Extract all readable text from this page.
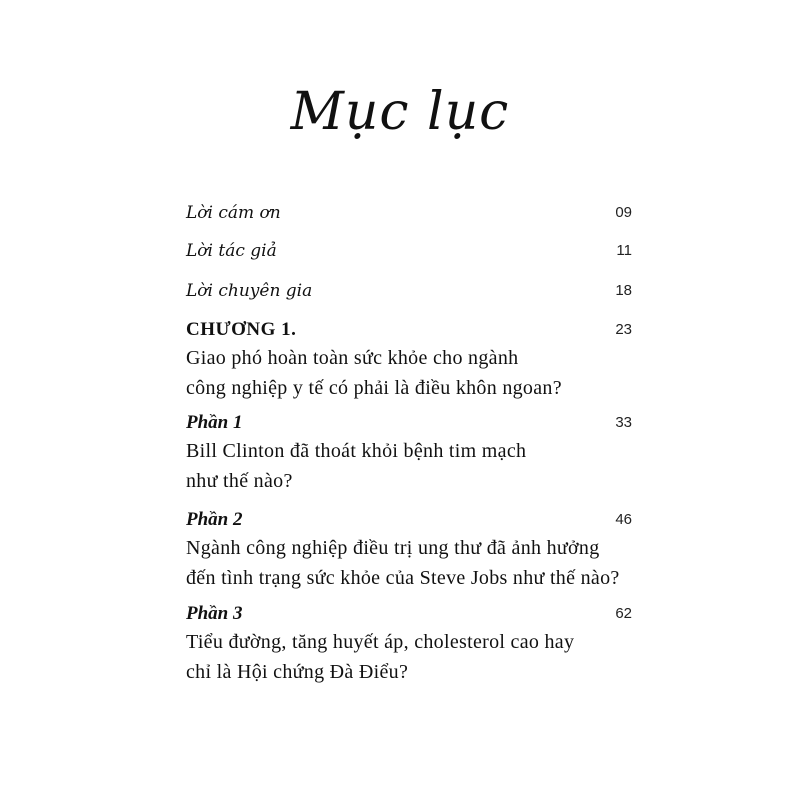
Mục lục
Lời cám ơn	09
Lời tác giả	11
Lời chuyên gia	18
CHƯƠNG 1.	23
Giao phó hoàn toàn sức khỏe cho ngành
công nghiệp y tế có phải là điều khôn ngoan?
Phần 1	33
Bill Clinton đã thoát khỏi bệnh tim mạch
như thế nào?
Phần 2	46
Ngành công nghiệp điều trị ung thư đã ảnh hưởng
đến tình trạng sức khỏe của Steve Jobs như thế nào?
Phần 3	62
Tiểu đường, tăng huyết áp, cholesterol cao hay
chỉ là Hội chứng Đà Điểu?
